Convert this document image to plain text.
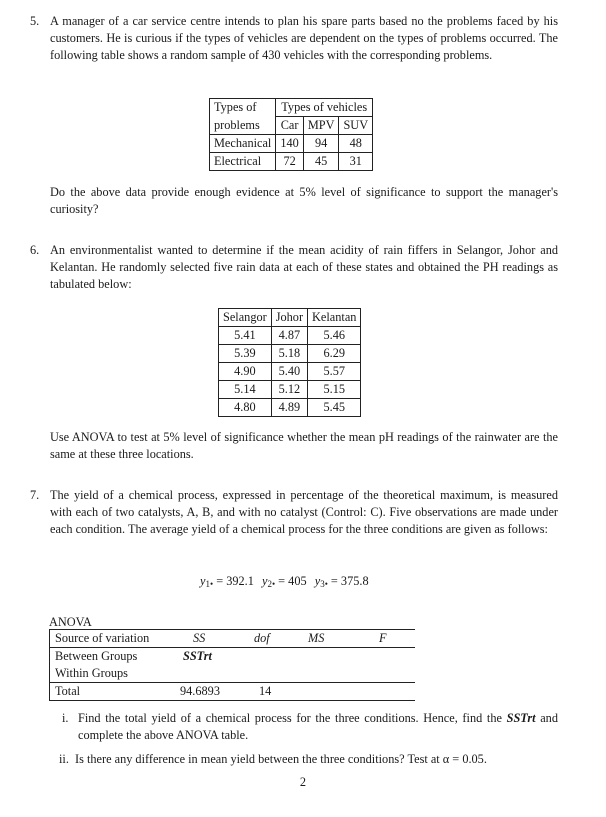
5. A manager of a car service centre intends to plan his spare parts based no the problems faced by his customers. He is curious if the types of vehicles are dependent on the types of problems occurred. The following table shows a random sample of 430 vehicles with the corresponding problems.

Types of	Types of vehicles		
problems	Car	MPV	SUV
Mechanical	140	94	48
Electrical	72	45	31

Do the above data provide enough evidence at 5% level of significance to support the manager's curiosity?

6. An environmentalist wanted to determine if the mean acidity of rain fiffers in Selangor, Johor and Kelantan. He randomly selected five rain data at each of these states and obtained the PH readings as tabulated below:

Selangor	Johor	Kelantan
5.41	4.87	5.46
5.39	5.18	6.29
4.90	5.40	5.57
5.14	5.12	5.15
4.80	4.89	5.45

Use ANOVA to test at 5% level of significance whether the mean pH readings of the rainwater are the same at these three locations.

7. The yield of a chemical process, expressed in percentage of the theoretical maximum, is measured with each of two catalysts, A, B, and with no catalyst (Control: C). Five observations are made under each condition. The average yield of a chemical process for the three conditions are given as follows:

$y_{1•} = 392.1$ $y_{2•} = 405$ $y_{3•} = 375.8$
ANOVA
Source of variation	SS	dof	MS	F
Between Groups	SSTrt
Within Groups
Total	94.6893	14
i. Find the total yield of a chemical process for the three conditions. Hence, find the SSTrt and complete the above ANOVA table.
ii. Is there any difference in mean yield between the three conditions? Test at α = 0.05.
2
